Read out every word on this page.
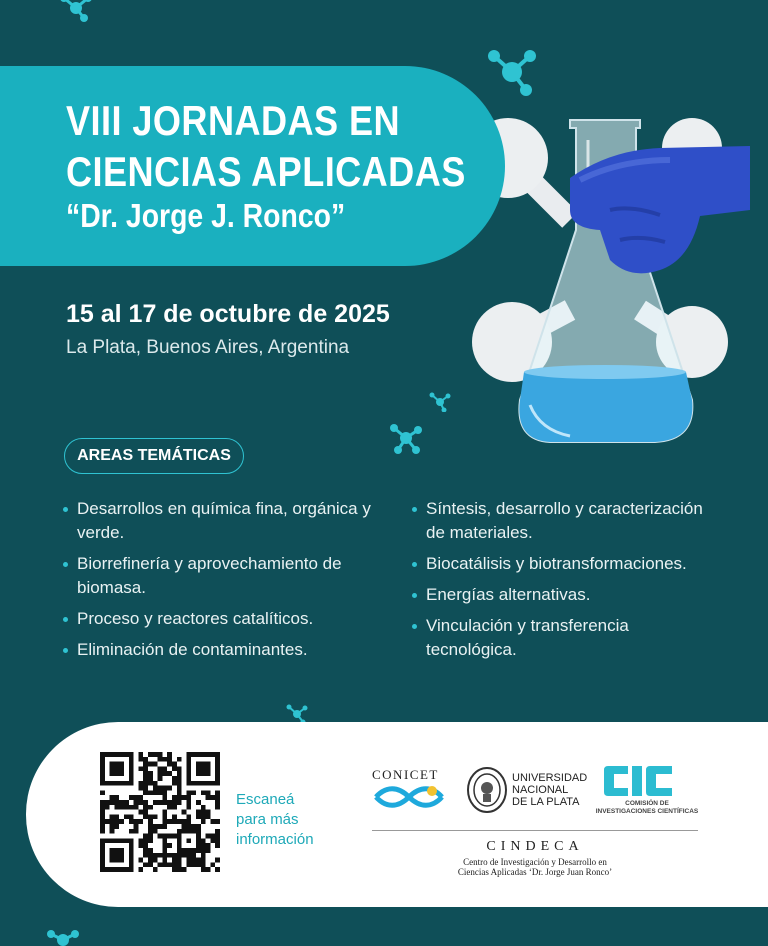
VIII JORNADAS EN
CIENCIAS APLICADAS
“Dr. Jorge J. Ronco”
15 al 17 de octubre de 2025
La Plata, Buenos Aires, Argentina
AREAS TEMÁTICAS
Desarrollos en química fina, orgánica y verde.
Biorrefinería y aprovechamiento de biomasa.
Proceso y reactores catalíticos.
Eliminación de contaminantes.
Síntesis, desarrollo y caracterización de materiales.
Biocatálisis y biotransformaciones.
Energías alternativas.
Vinculación y transferencia tecnológica.
Escaneá
para más
información
CONICET	UNIVERSIDAD
NACIONAL
DE LA PLATA
CIC
COMISIÓN DE
INVESTIGACIONES CIENTÍFICAS
CINDECA
Centro de Investigación y Desarrollo en
Ciencias Aplicadas ‘Dr. Jorge Juan Ronco’
